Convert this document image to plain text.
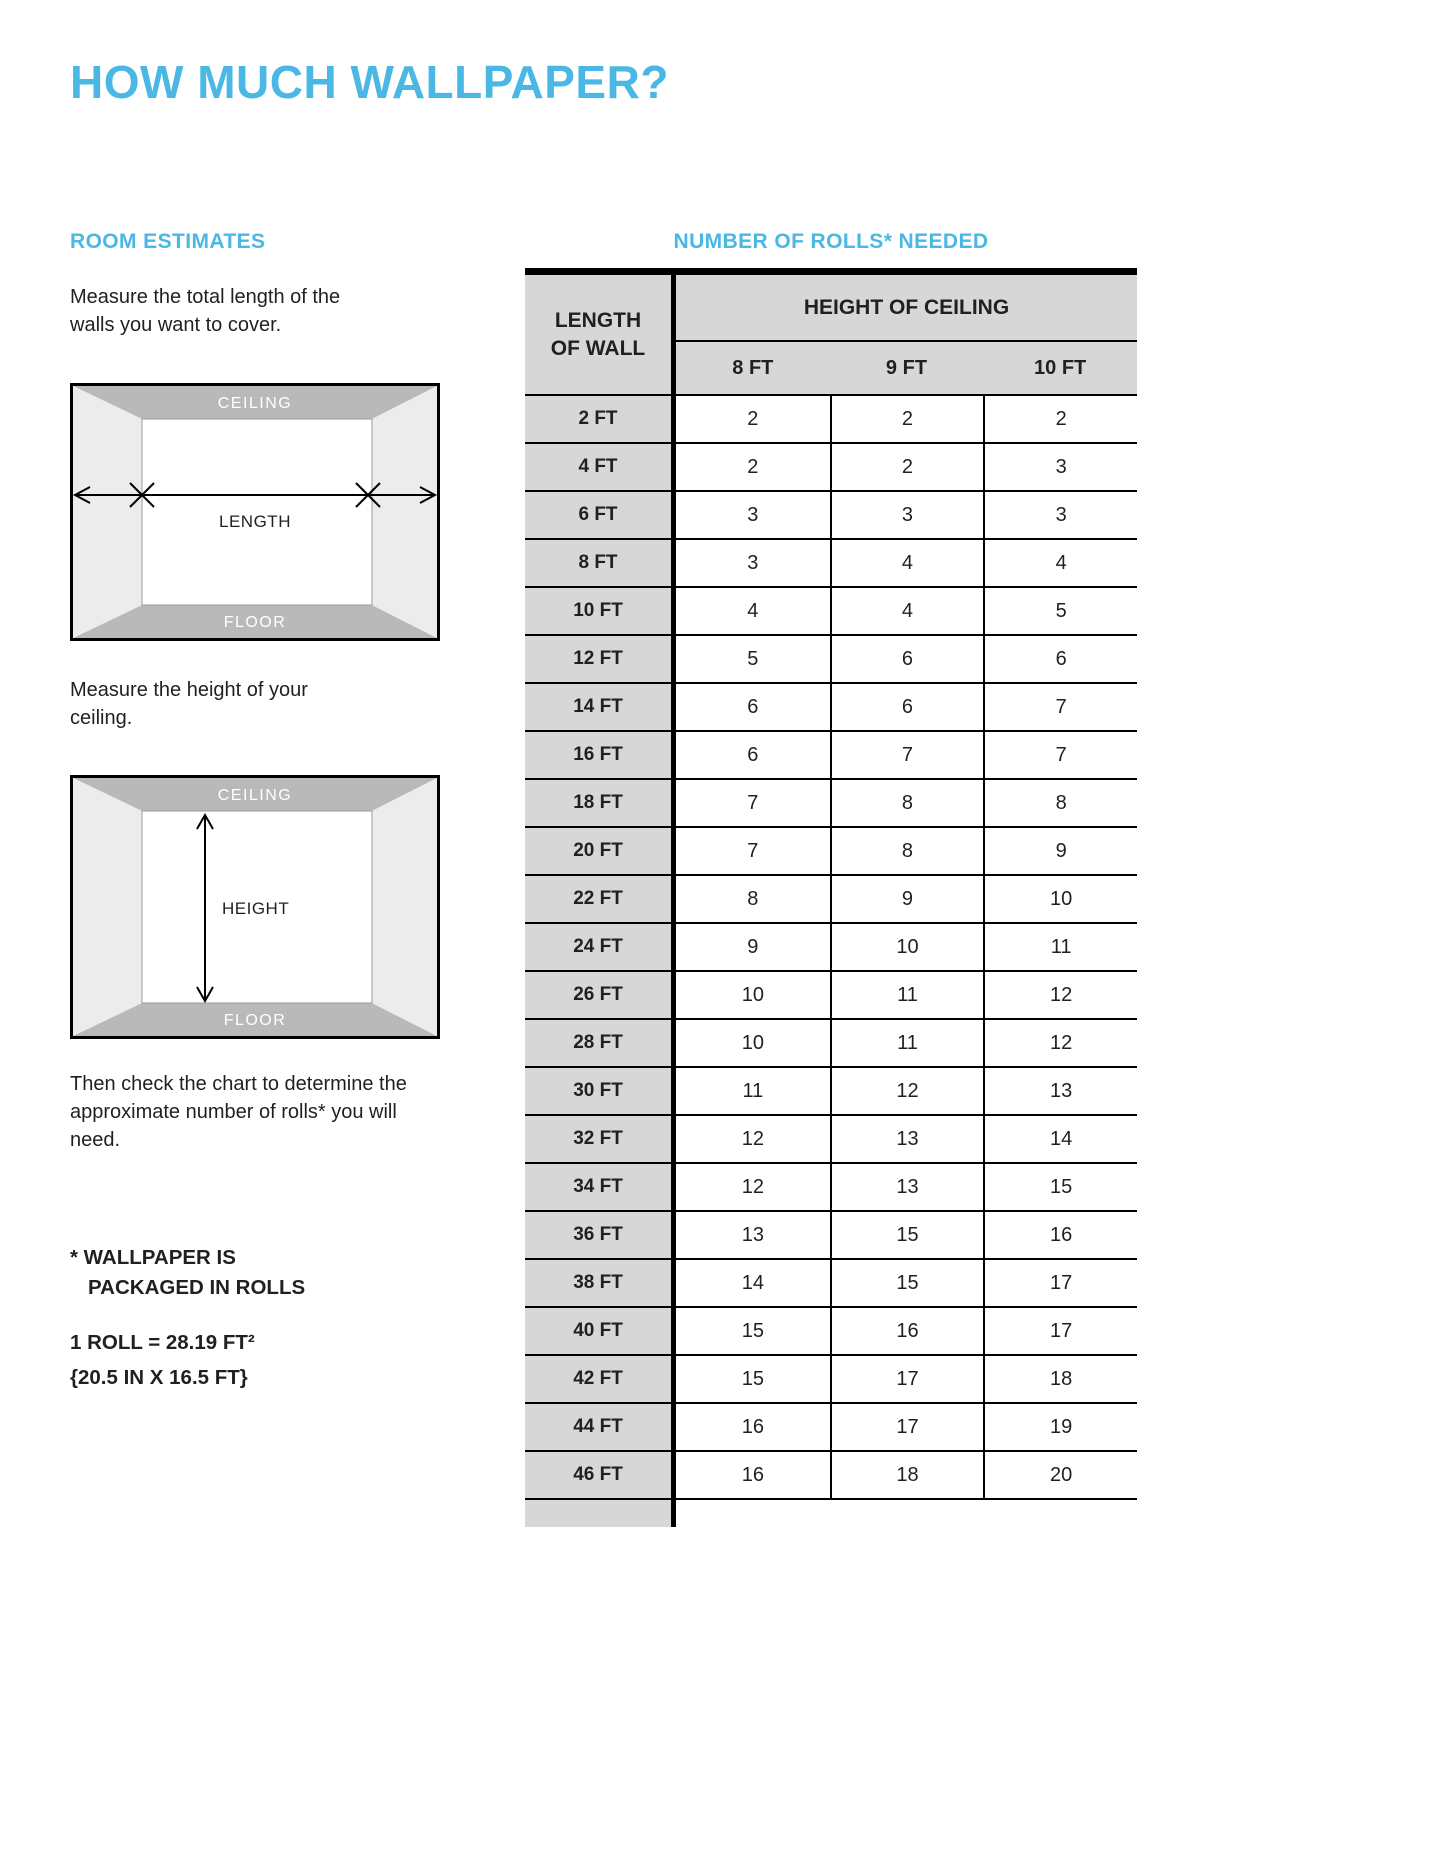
HOW MUCH WALLPAPER?
ROOM ESTIMATES

Measure the total length of the walls you want to cover.

CEILING
FLOOR
LENGTH

Measure the height of your ceiling.

CEILING
FLOOR
HEIGHT

Then check the chart to determine the approximate number of rolls* you will need.

* WALLPAPER IS
PACKAGED IN ROLLS
1 ROLL = 28.19 FT²
{20.5 IN X 16.5 FT}
NUMBER OF ROLLS* NEEDED
LENGTH OF WALL
HEIGHT OF CEILING
8 FT	9 FT	10 FT
2 FT	2	2	2
4 FT	2	2	3
6 FT	3	3	3
8 FT	3	4	4
10 FT	4	4	5
12 FT	5	6	6
14 FT	6	6	7
16 FT	6	7	7
18 FT	7	8	8
20 FT	7	8	9
22 FT	8	9	10
24 FT	9	10	11
26 FT	10	11	12
28 FT	10	11	12
30 FT	11	12	13
32 FT	12	13	14
34 FT	12	13	15
36 FT	13	15	16
38 FT	14	15	17
40 FT	15	16	17
42 FT	15	17	18
44 FT	16	17	19
46 FT	16	18	20
